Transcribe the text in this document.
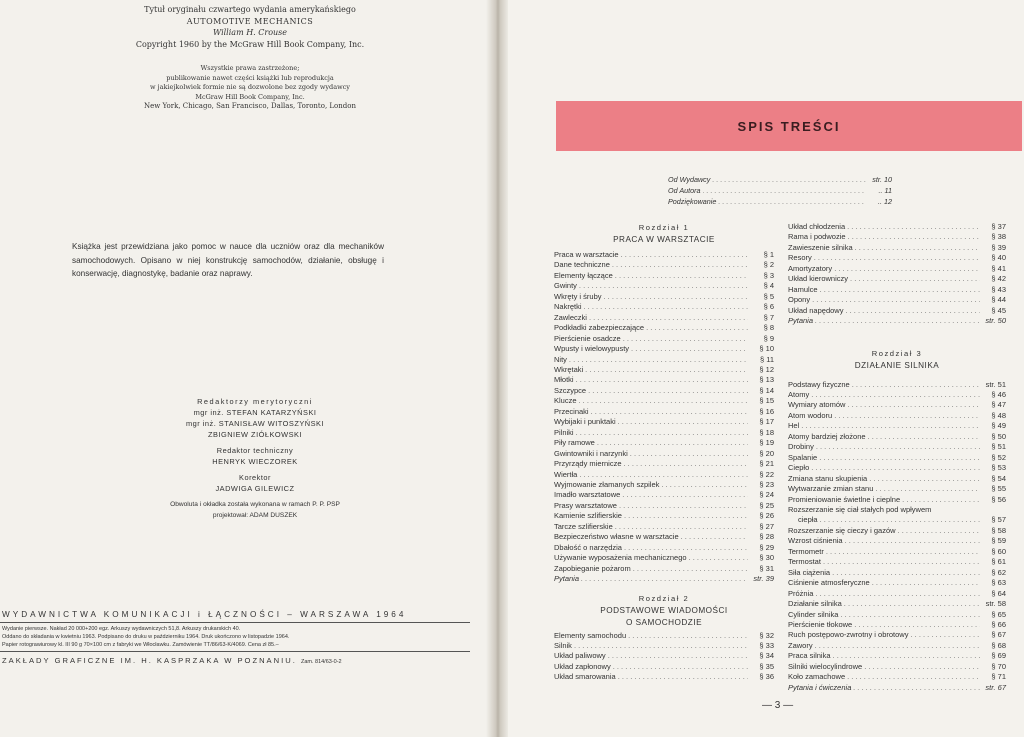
Tytuł oryginału czwartego wydania amerykańskiego
AUTOMOTIVE MECHANICS
William H. Crouse
Copyright 1960 by the McGraw Hill Book Company, Inc.
Wszystkie prawa zastrzeżone;
publikowanie nawet części książki lub reprodukcja
w jakiejkolwiek formie nie są dozwolone bez zgody wydawcy
McGraw Hill Book Company, Inc.
New York, Chicago, San Francisco, Dallas, Toronto, London
Książka jest przewidziana jako pomoc w nauce dla uczniów oraz dla mechaników samochodowych. Opisano w niej konstrukcję samochodów, działanie, obsługę i konserwację, diagnostykę, badanie oraz naprawy.
Redaktorzy merytoryczni
mgr inż. STEFAN KATARZYŃSKI
mgr inż. STANISŁAW WITOSZYŃSKI
ZBIGNIEW ZIÓŁKOWSKI
Redaktor techniczny
HENRYK WIECZOREK
Korektor
JADWIGA GILEWICZ
Obwoluta i okładka została wykonana w ramach P. P. PSP
projektował: ADAM DUSZEK
WYDAWNICTWA KOMUNIKACJI i ŁĄCZNOŚCI – WARSZAWA 1964
Wydanie pierwsze. Nakład 20 000+200 egz. Arkuszy wydawniczych 51,8. Arkuszy drukarskich 40.
Oddano do składania w kwietniu 1963. Podpisano do druku w październiku 1964. Druk ukończono w listopadzie 1964.
Papier rotograwiurowy kl. III 90 g 70×100 cm z fabryki we Włocławku. Zamówienie TT/86/63-K/4069. Cena zł 85.–
ZAKŁADY GRAFICZNE IM. H. KASPRZAKA W POZNANIU. Zam. 814/63-0-2
SPIS TREŚCI
Od Wydawcy . . .	str. 10
Od Autora . . .	.. 11
Podziękowanie . . .	.. 12
Rozdział 1
PRACA W WARSZTACIE
Praca w warsztacie . . .	§ 1
Dane techniczne . . .	§ 2
Elementy łączące . . .	§ 3
Gwinty . . .	§ 4
Wkręty i śruby . . .	§ 5
Nakrętki . . .	§ 6
Zawleczki . . .	§ 7
Podkładki zabezpieczające . . .	§ 8
Pierścienie osadcze . . .	§ 9
Wpusty i wielowypusty . . .	§ 10
Nity . . .	§ 11
Wkrętaki . . .	§ 12
Młotki . . .	§ 13
Szczypce . . .	§ 14
Klucze . . .	§ 15
Przecinaki . . .	§ 16
Wybijaki i punktaki . . .	§ 17
Pilniki . . .	§ 18
Piły ramowe . . .	§ 19
Gwintowniki i narzynki . . .	§ 20
Przyrządy miernicze . . .	§ 21
Wiertła . . .	§ 22
Wyjmowanie złamanych szpilek . . .	§ 23
Imadło warsztatowe . . .	§ 24
Prasy warsztatowe . . .	§ 25
Kamienie szlifierskie . . .	§ 26
Tarcze szlifierskie . . .	§ 27
Bezpieczeństwo własne w warsztacie . . .	§ 28
Dbałość o narzędzia . . .	§ 29
Używanie wyposażenia mechanicznego . . .	§ 30
Zapobieganie pożarom . . .	§ 31
Pytania . . .	str. 39
Rozdział 2
PODSTAWOWE WIADOMOŚCI
O SAMOCHODZIE
Elementy samochodu . . .	§ 32
Silnik . . .	§ 33
Układ paliwowy . . .	§ 34
Układ zapłonowy . . .	§ 35
Układ smarowania . . .	§ 36
Układ chłodzenia . . .	§ 37
Rama i podwozie . . .	§ 38
Zawieszenie silnika . . .	§ 39
Resory . . .	§ 40
Amortyzatory . . .	§ 41
Układ kierowniczy . . .	§ 42
Hamulce . . .	§ 43
Opony . . .	§ 44
Układ napędowy . . .	§ 45
Pytania . . .	str. 50
Rozdział 3
DZIAŁANIE SILNIKA
Podstawy fizyczne . . .	str. 51
Atomy . . .	§ 46
Wymiary atomów . . .	§ 47
Atom wodoru . . .	§ 48
Hel . . .	§ 49
Atomy bardziej złożone . . .	§ 50
Drobiny . . .	§ 51
Spalanie . . .	§ 52
Ciepło . . .	§ 53
Zmiana stanu skupienia . . .	§ 54
Wytwarzanie zmian stanu . . .	§ 55
Promieniowanie świetlne i cieplne . . .	§ 56
Rozszerzanie się ciał stałych pod wpływem
ciepła . . .	§ 57
Rozszerzanie się cieczy i gazów . . .	§ 58
Wzrost ciśnienia . . .	§ 59
Termometr . . .	§ 60
Termostat . . .	§ 61
Siła ciążenia . . .	§ 62
Ciśnienie atmosferyczne . . .	§ 63
Próżnia . . .	§ 64
Działanie silnika . . .	str. 58
Cylinder silnika . . .	§ 65
Pierścienie tłokowe . . .	§ 66
Ruch postępowo-zwrotny i obrotowy . . .	§ 67
Zawory . . .	§ 68
Praca silnika . . .	§ 69
Silniki wielocylindrowe . . .	§ 70
Koło zamachowe . . .	§ 71
Pytania i ćwiczenia . . .	str. 67
— 3 —
